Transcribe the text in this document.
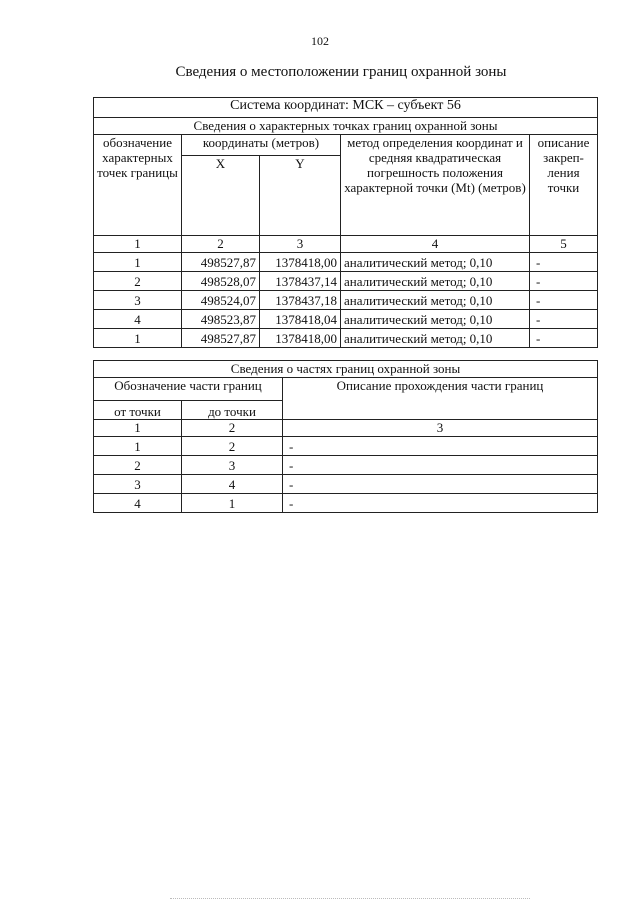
102
Сведения о местоположении границ охранной зоны
Система координат: МСК – субъект 56				
Сведения о характерных точках границ охранной зоны				
обозначение характерных точек границы	координаты (метров)		метод определения координат и средняя квадратическая погрешность положения характерной точки (Mt) (метров)	описание закреп-ления точки
	X	Y		
1	2	3	4	5
1	498527,87	1378418,00	аналитический метод; 0,10	-
2	498528,07	1378437,14	аналитический метод; 0,10	-
3	498524,07	1378437,18	аналитический метод; 0,10	-
4	498523,87	1378418,04	аналитический метод; 0,10	-
1	498527,87	1378418,00	аналитический метод; 0,10	-
Сведения о частях границ охранной зоны		
Обозначение части границ		Описание прохождения части границ
от точки	до точки	
1	2	3
1	2	-
2	3	-
3	4	-
4	1	-
